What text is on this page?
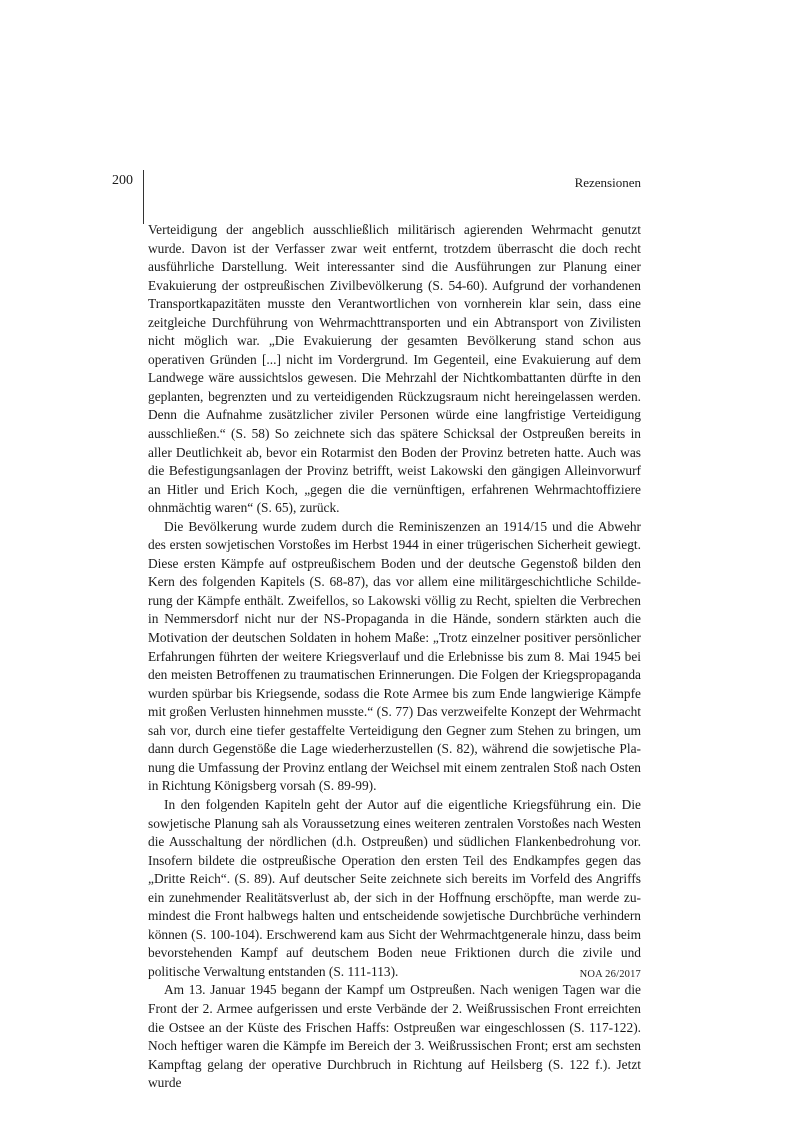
200	Rezensionen

Verteidigung der angeblich ausschließlich militärisch agierenden Wehrmacht genutzt wurde. Davon ist der Verfasser zwar weit entfernt, trotzdem überrascht die doch recht ausführliche Darstellung. Weit interessanter sind die Ausführungen zur Planung einer Evakuierung der ostpreußischen Zivilbevölkerung (S. 54-60). Aufgrund der vorhandenen Transportkapazitäten musste den Verantwortlichen von vornherein klar sein, dass eine zeitgleiche Durchführung von Wehrmachttransporten und ein Abtransport von Zivilisten nicht möglich war. „Die Evakuierung der gesamten Bevölkerung stand schon aus operativen Gründen [...] nicht im Vordergrund. Im Gegenteil, eine Evakuierung auf dem Landwege wäre aussichtslos gewesen. Die Mehrzahl der Nichtkombattanten dürfte in den geplanten, begrenzten und zu verteidigenden Rückzugsraum nicht hereingelassen werden. Denn die Aufnahme zusätzlicher ziviler Personen würde eine langfristige Verteidigung ausschließen.“ (S. 58) So zeichnete sich das spätere Schicksal der Ostpreußen bereits in aller Deutlichkeit ab, bevor ein Rotarmist den Boden der Provinz betreten hatte. Auch was die Befestigungsanlagen der Provinz betrifft, weist Lakowski den gängigen Alleinvorwurf an Hitler und Erich Koch, „gegen die die vernünftigen, erfahrenen Wehrmachtoffiziere ohnmächtig waren“ (S. 65), zurück.

Die Bevölkerung wurde zudem durch die Reminiszenzen an 1914/15 und die Abwehr des ersten sowjetischen Vorstoßes im Herbst 1944 in einer trügerischen Sicherheit gewiegt. Diese ersten Kämpfe auf ostpreußischem Boden und der deutsche Gegenstoß bilden den Kern des folgenden Kapitels (S. 68-87), das vor allem eine militärgeschichtliche Schilderung der Kämpfe enthält. Zweifellos, so Lakowski völlig zu Recht, spielten die Verbrechen in Nemmersdorf nicht nur der NS-Propaganda in die Hände, sondern stärkten auch die Motivation der deutschen Soldaten in hohem Maße: „Trotz einzelner positiver persönlicher Erfahrungen führten der weitere Kriegsverlauf und die Erlebnisse bis zum 8. Mai 1945 bei den meisten Betroffenen zu traumatischen Erinnerungen. Die Folgen der Kriegspropaganda wurden spürbar bis Kriegsende, sodass die Rote Armee bis zum Ende langwierige Kämpfe mit großen Verlusten hinnehmen musste.“ (S. 77) Das verzweifelte Konzept der Wehrmacht sah vor, durch eine tiefer gestaffelte Verteidigung den Gegner zum Stehen zu bringen, um dann durch Gegenstöße die Lage wiederherzustellen (S. 82), während die sowjetische Planung die Umfassung der Provinz entlang der Weichsel mit einem zentralen Stoß nach Osten in Richtung Königsberg vorsah (S. 89-99).

In den folgenden Kapiteln geht der Autor auf die eigentliche Kriegsführung ein. Die sowjetische Planung sah als Voraussetzung eines weiteren zentralen Vorstoßes nach Westen die Ausschaltung der nördlichen (d.h. Ostpreußen) und südlichen Flankenbedrohung vor. Insofern bildete die ostpreußische Operation den ersten Teil des Endkampfes gegen das „Dritte Reich“. (S. 89). Auf deutscher Seite zeichnete sich bereits im Vorfeld des Angriffs ein zunehmender Realitätsverlust ab, der sich in der Hoffnung erschöpfte, man werde zumindest die Front halbwegs halten und entscheidende sowjetische Durchbrüche verhindern können (S. 100-104). Erschwerend kam aus Sicht der Wehrmachtgenerale hinzu, dass beim bevorstehenden Kampf auf deutschem Boden neue Friktionen durch die zivile und politische Verwaltung entstanden (S. 111-113).

Am 13. Januar 1945 begann der Kampf um Ostpreußen. Nach wenigen Tagen war die Front der 2. Armee aufgerissen und erste Verbände der 2. Weißrussischen Front erreichten die Ostsee an der Küste des Frischen Haffs: Ostpreußen war eingeschlossen (S. 117-122). Noch heftiger waren die Kämpfe im Bereich der 3. Weißrussischen Front; erst am sechsten Kampftag gelang der operative Durchbruch in Richtung auf Heilsberg (S. 122 f.). Jetzt wurde

NOA 26/2017
